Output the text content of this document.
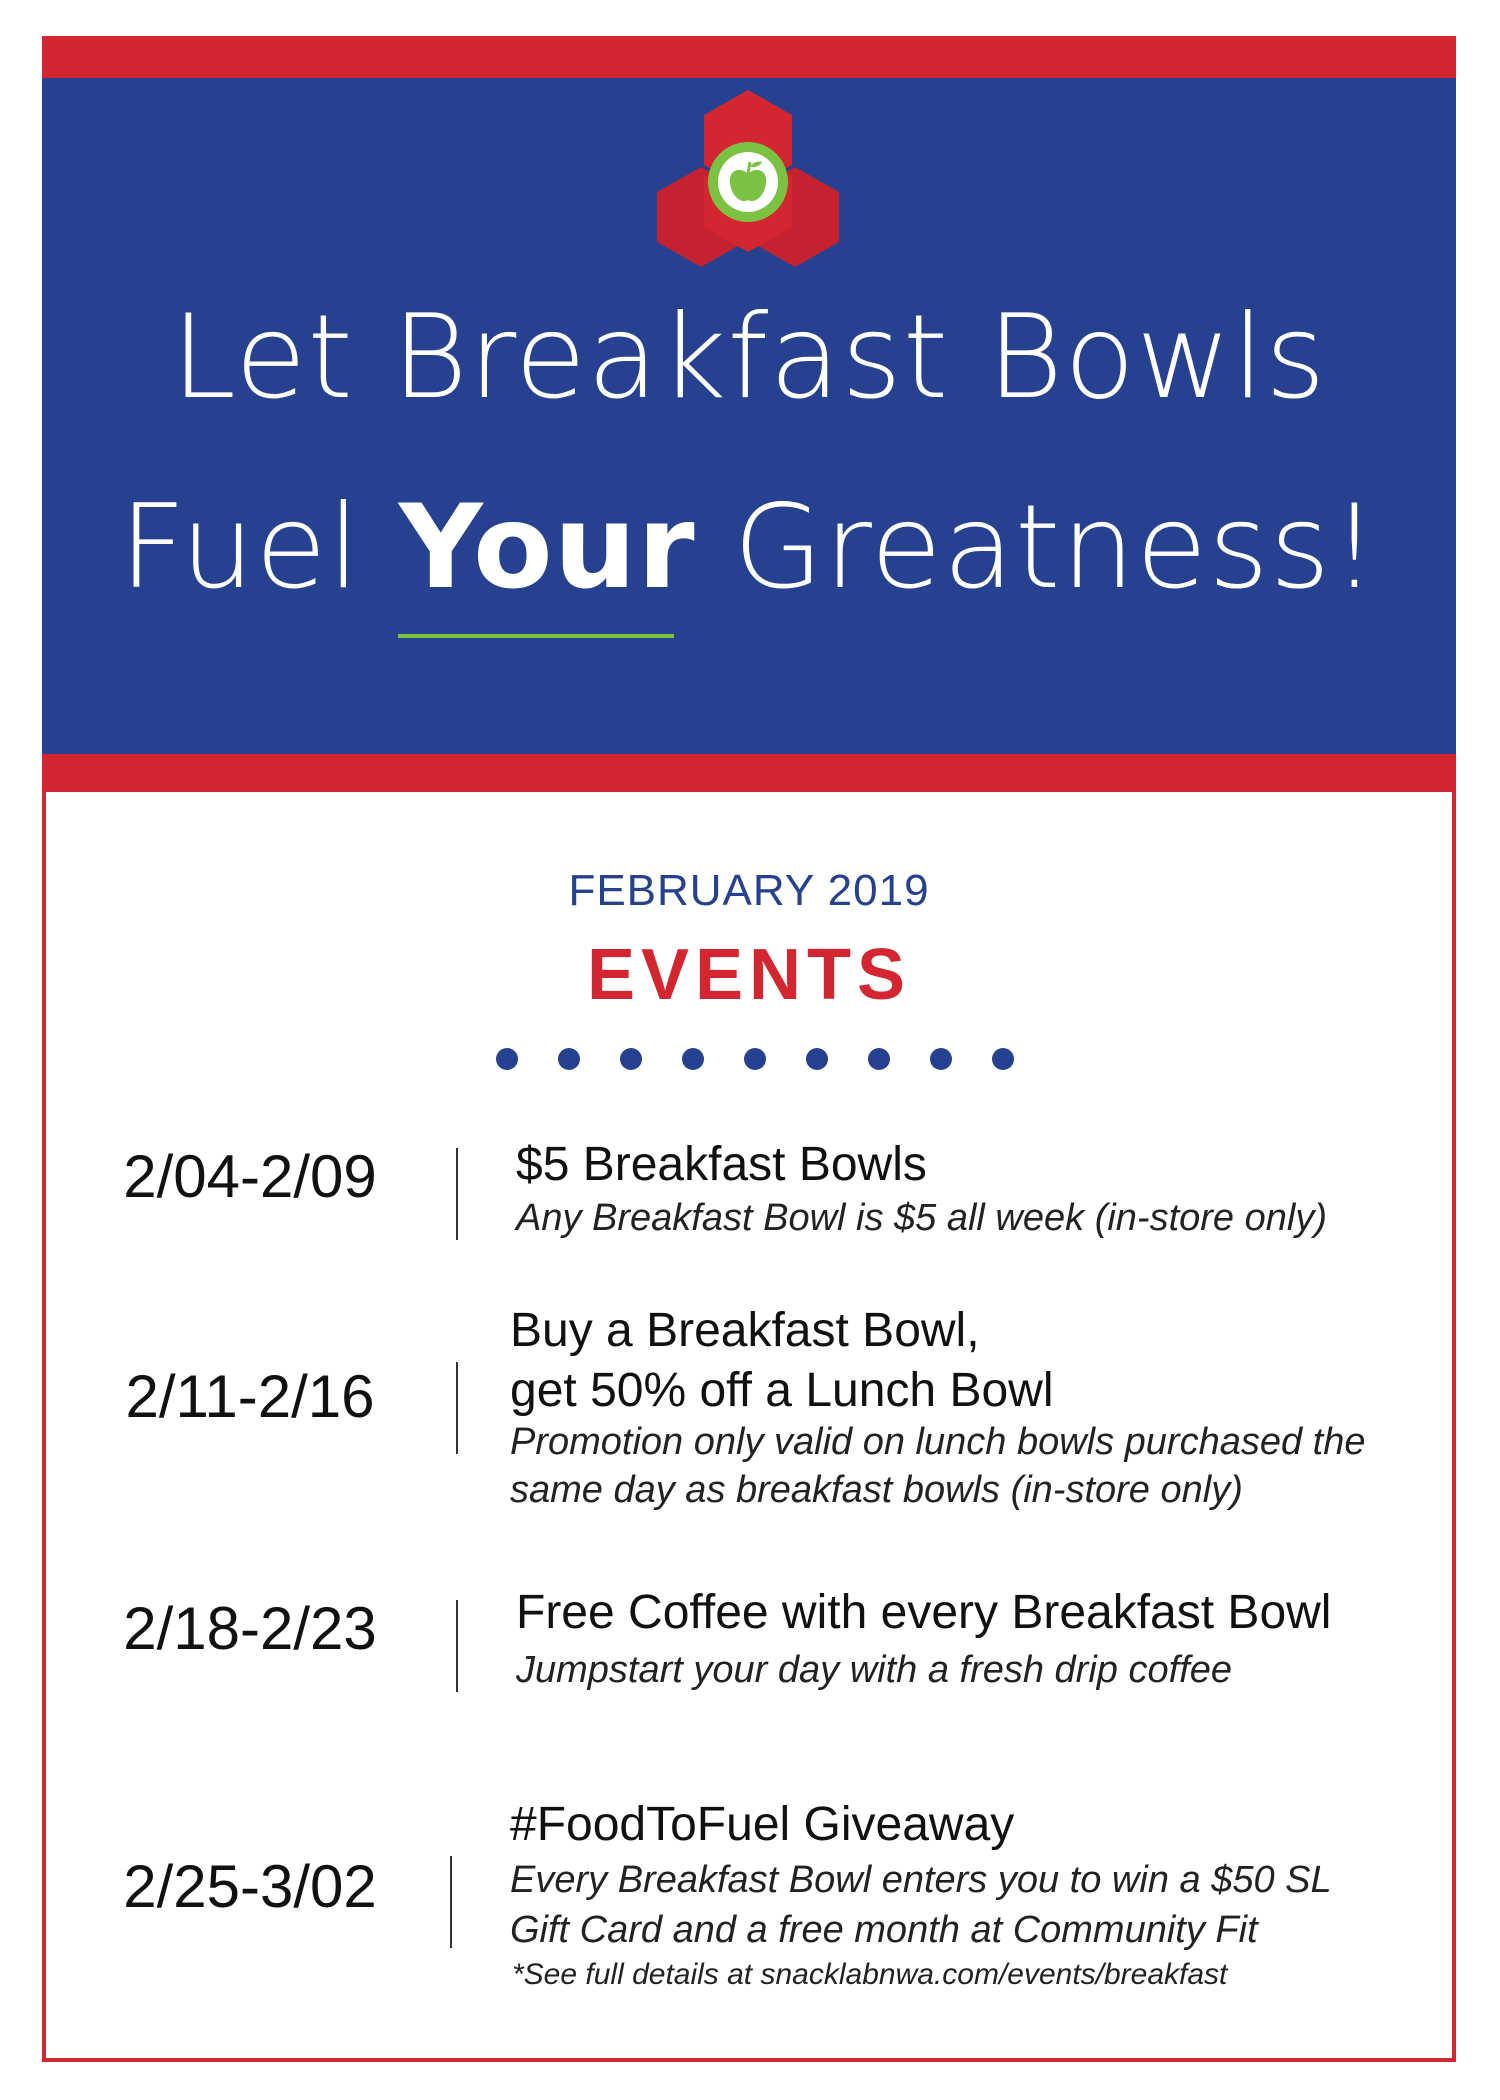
Let Breakfast Bowls
Fuel Your Greatness!
FEBRUARY 2019
EVENTS
2/04-2/09	$5 Breakfast Bowls
Any Breakfast Bowl is $5 all week (in-store only)
2/11-2/16
Buy a Breakfast Bowl,
get 50% off a Lunch Bowl
Promotion only valid on lunch bowls purchased the
same day as breakfast bowls (in-store only)
2/18-2/23	Free Coffee with every Breakfast Bowl
Jumpstart your day with a fresh drip coffee
2/25-3/02
#FoodToFuel Giveaway
Every Breakfast Bowl enters you to win a $50 SL
Gift Card and a free month at Community Fit
*See full details at snacklabnwa.com/events/breakfast
